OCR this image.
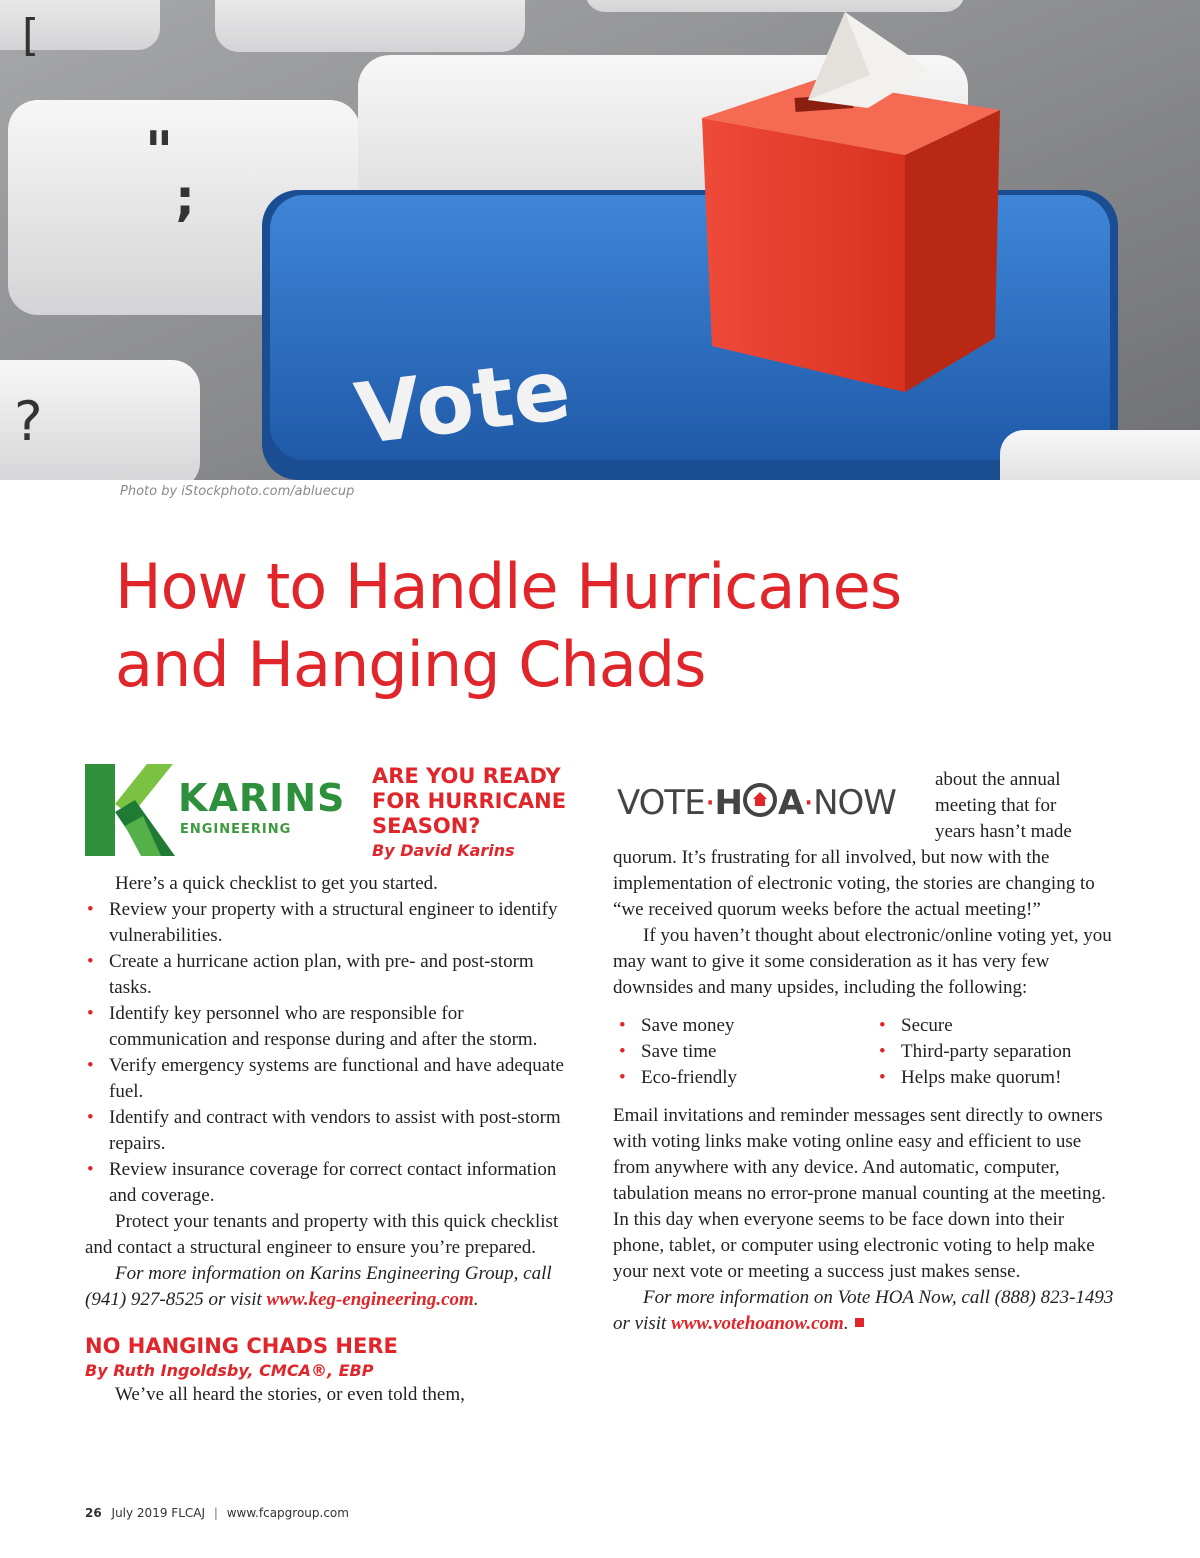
[
"
;
?	Vote
Photo by iStockphoto.com/abluecup
How to Handle Hurricanes
and Hanging Chads
KARINS
ENGINEERING
ARE YOU READY
FOR HURRICANE
SEASON?
By David Karins

Here’s a quick checklist to get you started.

• Review your property with a structural engineer to identify vulnerabilities.
• Create a hurricane action plan, with pre- and post-storm tasks.
• Identify key personnel who are responsible for communication and response during and after the storm.
• Verify emergency systems are functional and have adequate fuel.
• Identify and contract with vendors to assist with post-storm repairs.
• Review insurance coverage for correct contact information and coverage.

Protect your tenants and property with this quick checklist and contact a structural engineer to ensure you’re prepared.

For more information on Karins Engineering Group, call (941) 927-8525 or visit www.keg-engineering.com.

NO HANGING CHADS HERE
By Ruth Ingoldsby, CMCA®, EBP

We’ve all heard the stories, or even told them,

VOTE·H A·NOW
about the annual
meeting that for
years hasn’t made

quorum. It’s frustrating for all involved, but now with the implementation of electronic voting, the stories are changing to “we received quorum weeks before the actual meeting!”

If you haven’t thought about electronic/online voting yet, you may want to give it some consideration as it has very few downsides and many upsides, including the following:

• Save money
• Save time
• Eco-friendly
• Secure
• Third-party separation
• Helps make quorum!

Email invitations and reminder messages sent directly to owners with voting links make voting online easy and efficient to use from anywhere with any device. And automatic, computer, tabulation means no error-prone manual counting at the meeting. In this day when everyone seems to be face down into their phone, tablet, or computer using electronic voting to help make your next vote or meeting a success just makes sense.

For more information on Vote HOA Now, call (888) 823-1493 or visit www.votehoanow.com.

26 July 2019 FLCAJ | www.fcapgroup.com
